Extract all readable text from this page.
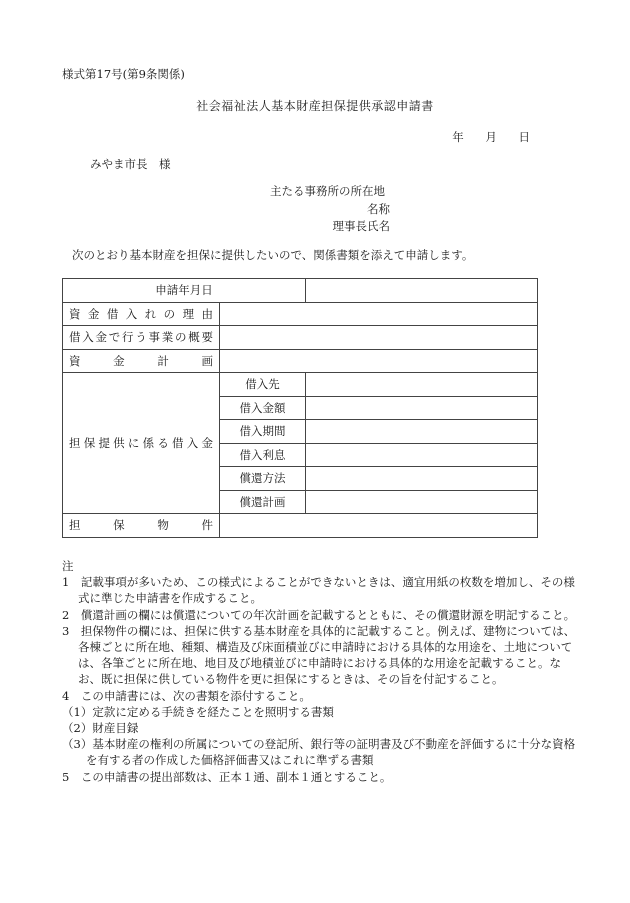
様式第17号(第9条関係)
社会福祉法人基本財産担保提供承認申請書
年 月 日
みやま市長　様
主たる事務所の所在地
名称
理事長氏名
次のとおり基本財産を担保に提供したいので、関係書類を添えて申請します。
申請年月日		
資金借入れの理由		
借入金で行う事業の概要		
資金計画		
担保提供に係る借入金	借入先	
	借入金額	
	借入期間	
	借入利息	
	償還方法	
	償還計画	
担保物件		

注

1　記載事項が多いため、この様式によることができないときは、適宜用紙の枚数を増加し、その様式に準じた申請書を作成すること。

2　償還計画の欄には償還についての年次計画を記載するとともに、その償還財源を明記すること。

3　担保物件の欄には、担保に供する基本財産を具体的に記載すること。例えば、建物については、各棟ごとに所在地、種類、構造及び床面積並びに申請時における具体的な用途を、土地については、各筆ごとに所在地、地目及び地積並びに申請時における具体的な用途を記載すること。なお、既に担保に供している物件を更に担保にするときは、その旨を付記すること。

4　この申請書には、次の書類を添付すること。

（1）定款に定める手続きを経たことを照明する書類

（2）財産目録

（3）基本財産の権利の所属についての登記所、銀行等の証明書及び不動産を評価するに十分な資格を有する者の作成した価格評価書又はこれに準ずる書類

5　この申請書の提出部数は、正本１通、副本１通とすること。
